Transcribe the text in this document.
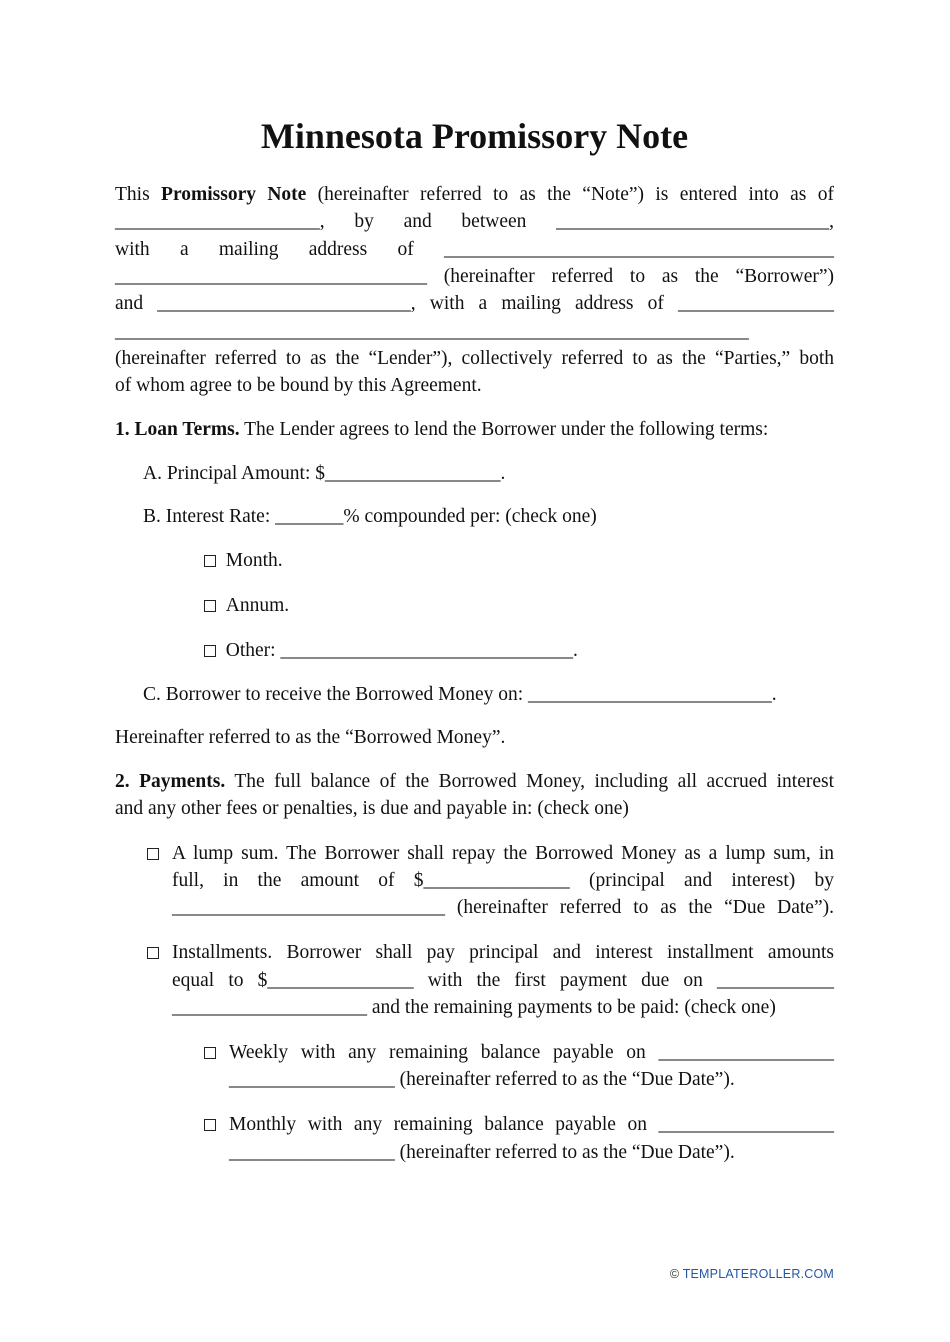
Minnesota Promissory Note
This Promissory Note (hereinafter referred to as the “Note”) is entered into as of
_____________________, by and between ____________________________,
with a mailing address of ________________________________________
________________________________ (hereinafter referred to as the “Borrower”)
and __________________________, with a mailing address of ________________
_________________________________________________________________
(hereinafter referred to as the “Lender”), collectively referred to as the “Parties,” both
of whom agree to be bound by this Agreement.
1. Loan Terms. The Lender agrees to lend the Borrower under the following terms:
A. Principal Amount: $__________________.
B. Interest Rate: _______% compounded per: (check one)
Month.
Annum.
Other: ______________________________.
C. Borrower to receive the Borrowed Money on: _________________________.
Hereinafter referred to as the “Borrowed Money”.
2. Payments. The full balance of the Borrowed Money, including all accrued interest
and any other fees or penalties, is due and payable in: (check one)
A lump sum. The Borrower shall repay the Borrowed Money as a lump sum, in
full, in the amount of $_______________ (principal and interest) by
____________________________ (hereinafter referred to as the “Due Date”).
Installments. Borrower shall pay principal and interest installment amounts
equal to $_______________ with the first payment due on ____________
____________________ and the remaining payments to be paid: (check one)
Weekly with any remaining balance payable on __________________
_________________ (hereinafter referred to as the “Due Date”).
Monthly with any remaining balance payable on __________________
_________________ (hereinafter referred to as the “Due Date”).
© TEMPLATEROLLER.COM
